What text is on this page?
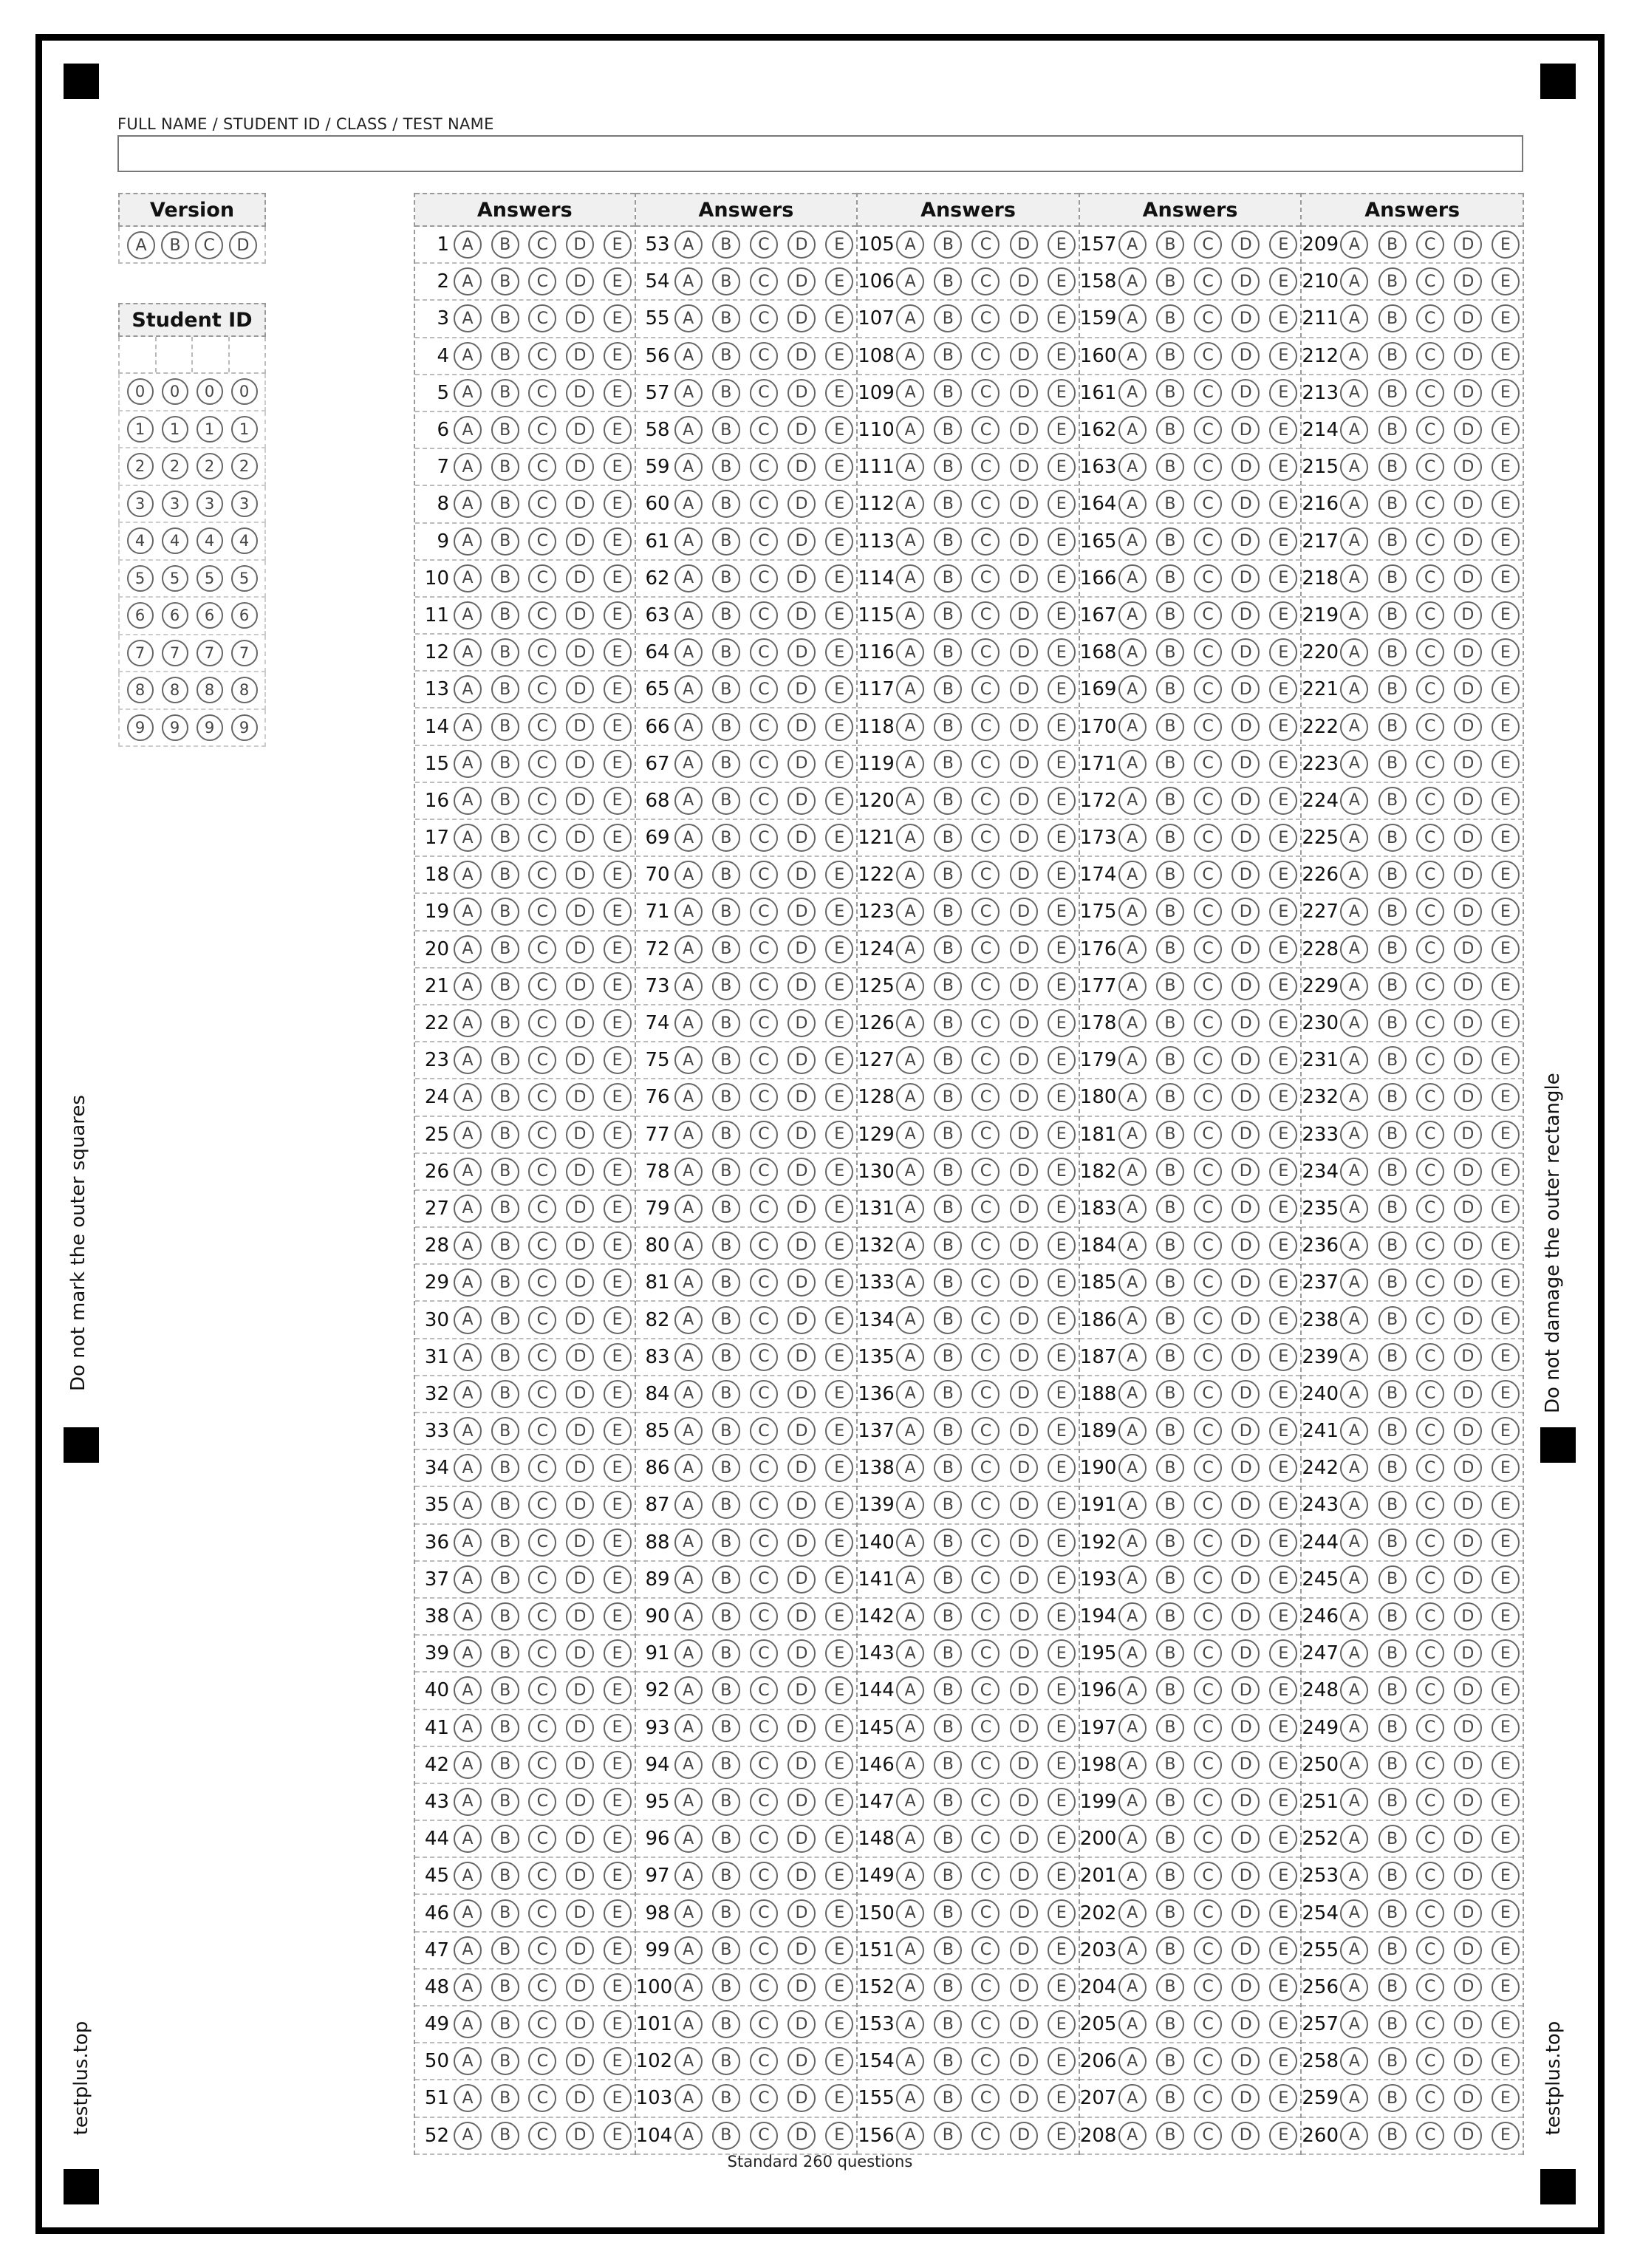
Do not mark the outer squares	Do not damage the outer rectangle
testplus.top	testplus.top
FULL NAME / STUDENT ID / CLASS / TEST NAME
Version
A	B	C	D
Student ID
0	0	0	0
1	1	1	1
2	2	2	2
3	3	3	3
4	4	4	4
5	5	5	5
6	6	6	6
7	7	7	7
8	8	8	8
9	9	9	9
Answers
1 A	B	C	D	E
2 A	B	C	D	E
3 A	B	C	D	E
4 A	B	C	D	E
5 A	B	C	D	E
6 A	B	C	D	E
7 A	B	C	D	E
8 A	B	C	D	E
9 A	B	C	D	E
10 A	B	C	D	E
11 A	B	C	D	E
12 A	B	C	D	E
13 A	B	C	D	E
14 A	B	C	D	E
15 A	B	C	D	E
16 A	B	C	D	E
17 A	B	C	D	E
18 A	B	C	D	E
19 A	B	C	D	E
20 A	B	C	D	E
21 A	B	C	D	E
22 A	B	C	D	E
23 A	B	C	D	E
24 A	B	C	D	E
25 A	B	C	D	E
26 A	B	C	D	E
27 A	B	C	D	E
28 A	B	C	D	E
29 A	B	C	D	E
30 A	B	C	D	E
31 A	B	C	D	E
32 A	B	C	D	E
33 A	B	C	D	E
34 A	B	C	D	E
35 A	B	C	D	E
36 A	B	C	D	E
37 A	B	C	D	E
38 A	B	C	D	E
39 A	B	C	D	E
40 A	B	C	D	E
41 A	B	C	D	E
42 A	B	C	D	E
43 A	B	C	D	E
44 A	B	C	D	E
45 A	B	C	D	E
46 A	B	C	D	E
47 A	B	C	D	E
48 A	B	C	D	E
49 A	B	C	D	E
50 A	B	C	D	E
51 A	B	C	D	E
52 A	B	C	D	E
Answers
53 A	B	C	D	E
54 A	B	C	D	E
55 A	B	C	D	E
56 A	B	C	D	E
57 A	B	C	D	E
58 A	B	C	D	E
59 A	B	C	D	E
60 A	B	C	D	E
61 A	B	C	D	E
62 A	B	C	D	E
63 A	B	C	D	E
64 A	B	C	D	E
65 A	B	C	D	E
66 A	B	C	D	E
67 A	B	C	D	E
68 A	B	C	D	E
69 A	B	C	D	E
70 A	B	C	D	E
71 A	B	C	D	E
72 A	B	C	D	E
73 A	B	C	D	E
74 A	B	C	D	E
75 A	B	C	D	E
76 A	B	C	D	E
77 A	B	C	D	E
78 A	B	C	D	E
79 A	B	C	D	E
80 A	B	C	D	E
81 A	B	C	D	E
82 A	B	C	D	E
83 A	B	C	D	E
84 A	B	C	D	E
85 A	B	C	D	E
86 A	B	C	D	E
87 A	B	C	D	E
88 A	B	C	D	E
89 A	B	C	D	E
90 A	B	C	D	E
91 A	B	C	D	E
92 A	B	C	D	E
93 A	B	C	D	E
94 A	B	C	D	E
95 A	B	C	D	E
96 A	B	C	D	E
97 A	B	C	D	E
98 A	B	C	D	E
99 A	B	C	D	E
100 A	B	C	D	E
101 A	B	C	D	E
102 A	B	C	D	E
103 A	B	C	D	E
104 A	B	C	D	E
Answers
105 A	B	C	D	E
106 A	B	C	D	E
107 A	B	C	D	E
108 A	B	C	D	E
109 A	B	C	D	E
110 A	B	C	D	E
111 A	B	C	D	E
112 A	B	C	D	E
113 A	B	C	D	E
114 A	B	C	D	E
115 A	B	C	D	E
116 A	B	C	D	E
117 A	B	C	D	E
118 A	B	C	D	E
119 A	B	C	D	E
120 A	B	C	D	E
121 A	B	C	D	E
122 A	B	C	D	E
123 A	B	C	D	E
124 A	B	C	D	E
125 A	B	C	D	E
126 A	B	C	D	E
127 A	B	C	D	E
128 A	B	C	D	E
129 A	B	C	D	E
130 A	B	C	D	E
131 A	B	C	D	E
132 A	B	C	D	E
133 A	B	C	D	E
134 A	B	C	D	E
135 A	B	C	D	E
136 A	B	C	D	E
137 A	B	C	D	E
138 A	B	C	D	E
139 A	B	C	D	E
140 A	B	C	D	E
141 A	B	C	D	E
142 A	B	C	D	E
143 A	B	C	D	E
144 A	B	C	D	E
145 A	B	C	D	E
146 A	B	C	D	E
147 A	B	C	D	E
148 A	B	C	D	E
149 A	B	C	D	E
150 A	B	C	D	E
151 A	B	C	D	E
152 A	B	C	D	E
153 A	B	C	D	E
154 A	B	C	D	E
155 A	B	C	D	E
156 A	B	C	D	E
Answers
157 A	B	C	D	E
158 A	B	C	D	E
159 A	B	C	D	E
160 A	B	C	D	E
161 A	B	C	D	E
162 A	B	C	D	E
163 A	B	C	D	E
164 A	B	C	D	E
165 A	B	C	D	E
166 A	B	C	D	E
167 A	B	C	D	E
168 A	B	C	D	E
169 A	B	C	D	E
170 A	B	C	D	E
171 A	B	C	D	E
172 A	B	C	D	E
173 A	B	C	D	E
174 A	B	C	D	E
175 A	B	C	D	E
176 A	B	C	D	E
177 A	B	C	D	E
178 A	B	C	D	E
179 A	B	C	D	E
180 A	B	C	D	E
181 A	B	C	D	E
182 A	B	C	D	E
183 A	B	C	D	E
184 A	B	C	D	E
185 A	B	C	D	E
186 A	B	C	D	E
187 A	B	C	D	E
188 A	B	C	D	E
189 A	B	C	D	E
190 A	B	C	D	E
191 A	B	C	D	E
192 A	B	C	D	E
193 A	B	C	D	E
194 A	B	C	D	E
195 A	B	C	D	E
196 A	B	C	D	E
197 A	B	C	D	E
198 A	B	C	D	E
199 A	B	C	D	E
200 A	B	C	D	E
201 A	B	C	D	E
202 A	B	C	D	E
203 A	B	C	D	E
204 A	B	C	D	E
205 A	B	C	D	E
206 A	B	C	D	E
207 A	B	C	D	E
208 A	B	C	D	E
Answers
209 A	B	C	D	E
210 A	B	C	D	E
211 A	B	C	D	E
212 A	B	C	D	E
213 A	B	C	D	E
214 A	B	C	D	E
215 A	B	C	D	E
216 A	B	C	D	E
217 A	B	C	D	E
218 A	B	C	D	E
219 A	B	C	D	E
220 A	B	C	D	E
221 A	B	C	D	E
222 A	B	C	D	E
223 A	B	C	D	E
224 A	B	C	D	E
225 A	B	C	D	E
226 A	B	C	D	E
227 A	B	C	D	E
228 A	B	C	D	E
229 A	B	C	D	E
230 A	B	C	D	E
231 A	B	C	D	E
232 A	B	C	D	E
233 A	B	C	D	E
234 A	B	C	D	E
235 A	B	C	D	E
236 A	B	C	D	E
237 A	B	C	D	E
238 A	B	C	D	E
239 A	B	C	D	E
240 A	B	C	D	E
241 A	B	C	D	E
242 A	B	C	D	E
243 A	B	C	D	E
244 A	B	C	D	E
245 A	B	C	D	E
246 A	B	C	D	E
247 A	B	C	D	E
248 A	B	C	D	E
249 A	B	C	D	E
250 A	B	C	D	E
251 A	B	C	D	E
252 A	B	C	D	E
253 A	B	C	D	E
254 A	B	C	D	E
255 A	B	C	D	E
256 A	B	C	D	E
257 A	B	C	D	E
258 A	B	C	D	E
259 A	B	C	D	E
260 A	B	C	D	E
Standard 260 questions
